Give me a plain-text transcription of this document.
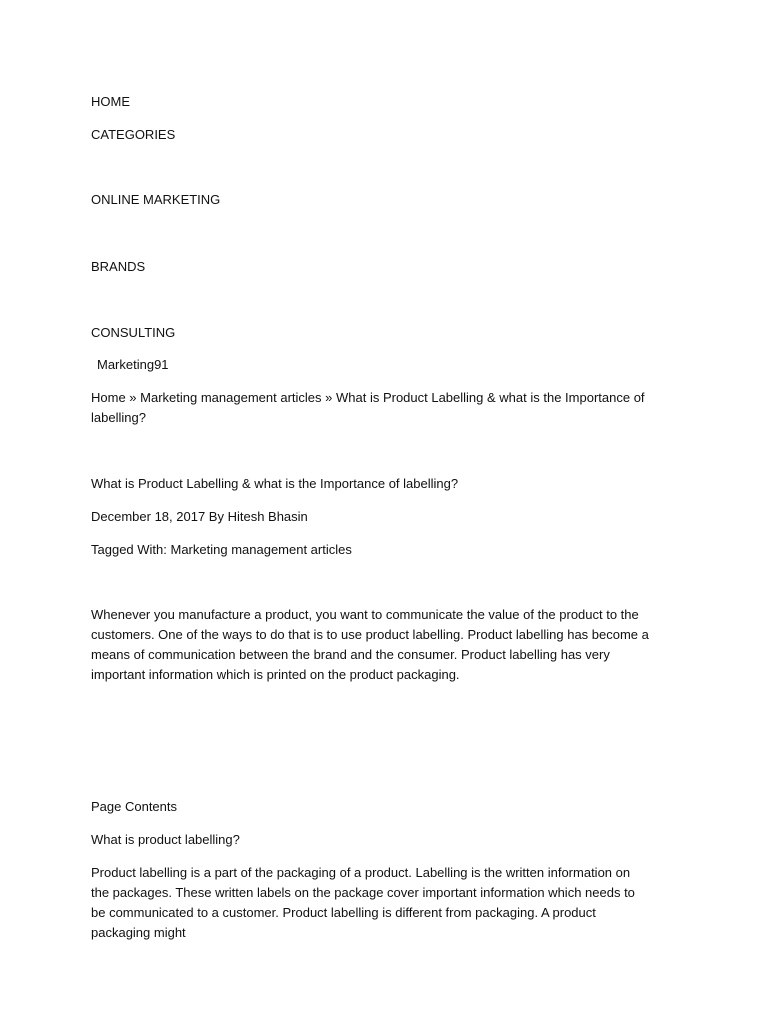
HOME
CATEGORIES
ONLINE MARKETING
BRANDS
CONSULTING
Marketing91

Home » Marketing management articles » What is Product Labelling & what is the Importance of labelling?

What is Product Labelling & what is the Importance of labelling?

December 18, 2017 By Hitesh Bhasin

Tagged With: Marketing management articles

Whenever you manufacture a product, you want to communicate the value of the product to the customers. One of the ways to do that is to use product labelling. Product labelling has become a means of communication between the brand and the consumer. Product labelling has very important information which is printed on the product packaging.

Page Contents

What is product labelling?

Product labelling is a part of the packaging of a product. Labelling is the written information on the packages. These written labels on the package cover important information which needs to be communicated to a customer. Product labelling is different from packaging. A product packaging might
